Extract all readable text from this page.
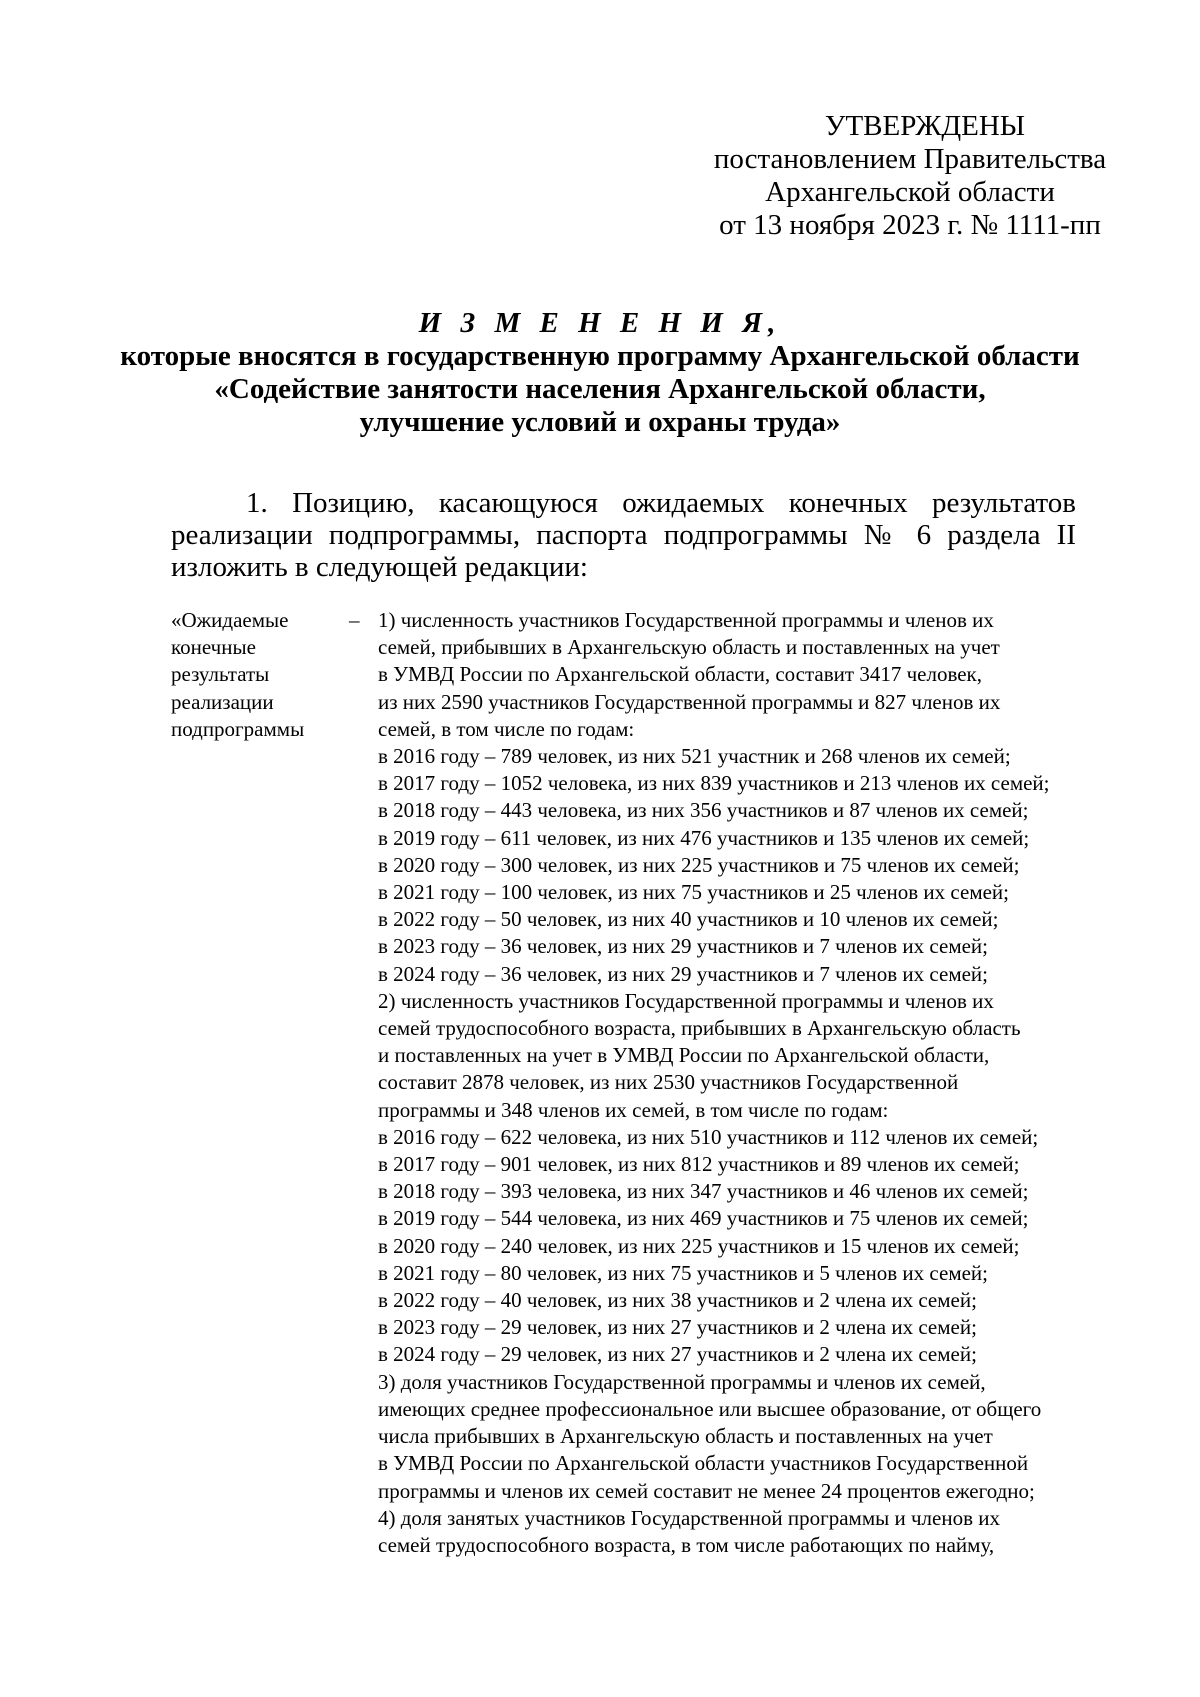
УТВЕРЖДЕНЫ
постановлением Правительства
Архангельской области
от 13 ноября 2023 г. № 1111-пп
И З М Е Н Е Н И Я,
которые вносятся в государственную программу Архангельской области
«Содействие занятости населения Архангельской области,
улучшение условий и охраны труда»

1. Позицию, касающуюся ожидаемых конечных результатов реализации подпрограммы, паспорта подпрограммы № 6 раздела II изложить в следующей редакции:

«Ожидаемые
конечные
результаты
реализации
подпрограммы
– 1) численность участников Государственной программы и членов их
семей, прибывших в Архангельскую область и поставленных на учет
в УМВД России по Архангельской области, составит 3417 человек,
из них 2590 участников Государственной программы и 827 членов их
семей, в том числе по годам:
в 2016 году – 789 человек, из них 521 участник и 268 членов их семей;
в 2017 году – 1052 человека, из них 839 участников и 213 членов их семей;
в 2018 году – 443 человека, из них 356 участников и 87 членов их семей;
в 2019 году – 611 человек, из них 476 участников и 135 членов их семей;
в 2020 году – 300 человек, из них 225 участников и 75 членов их семей;
в 2021 году – 100 человек, из них 75 участников и 25 членов их семей;
в 2022 году – 50 человек, из них 40 участников и 10 членов их семей;
в 2023 году – 36 человек, из них 29 участников и 7 членов их семей;
в 2024 году – 36 человек, из них 29 участников и 7 членов их семей;
2) численность участников Государственной программы и членов их
семей трудоспособного возраста, прибывших в Архангельскую область
и поставленных на учет в УМВД России по Архангельской области,
составит 2878 человек, из них 2530 участников Государственной
программы и 348 членов их семей, в том числе по годам:
в 2016 году – 622 человека, из них 510 участников и 112 членов их семей;
в 2017 году – 901 человек, из них 812 участников и 89 членов их семей;
в 2018 году – 393 человека, из них 347 участников и 46 членов их семей;
в 2019 году – 544 человека, из них 469 участников и 75 членов их семей;
в 2020 году – 240 человек, из них 225 участников и 15 членов их семей;
в 2021 году – 80 человек, из них 75 участников и 5 членов их семей;
в 2022 году – 40 человек, из них 38 участников и 2 члена их семей;
в 2023 году – 29 человек, из них 27 участников и 2 члена их семей;
в 2024 году – 29 человек, из них 27 участников и 2 члена их семей;
3) доля участников Государственной программы и членов их семей,
имеющих среднее профессиональное или высшее образование, от общего
числа прибывших в Архангельскую область и поставленных на учет
в УМВД России по Архангельской области участников Государственной
программы и членов их семей составит не менее 24 процентов ежегодно;
4) доля занятых участников Государственной программы и членов их
семей трудоспособного возраста, в том числе работающих по найму,
